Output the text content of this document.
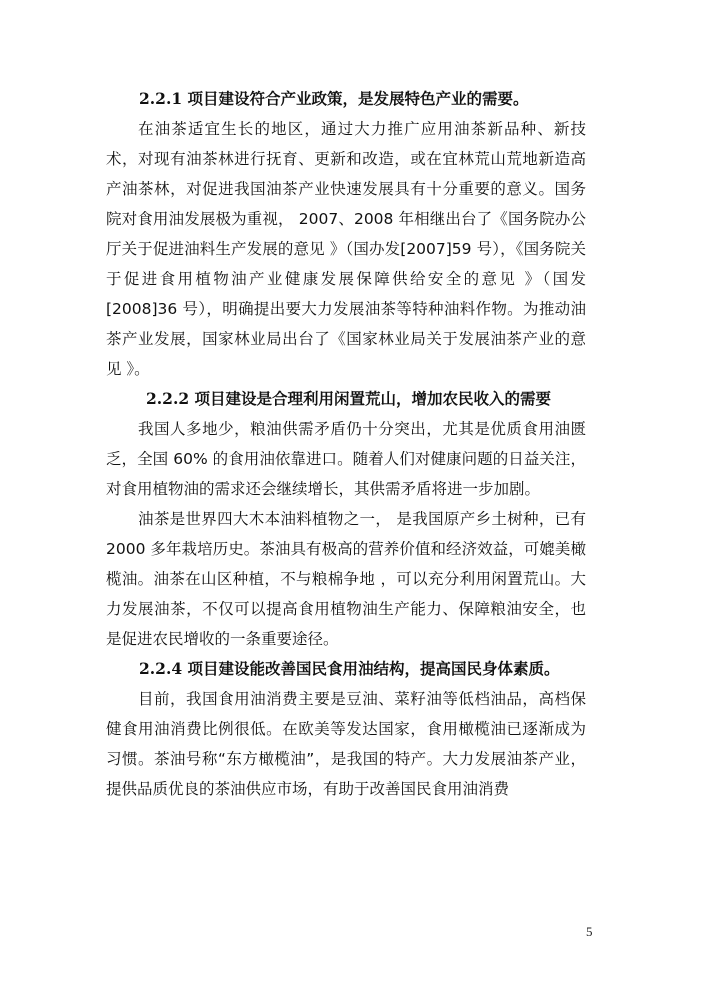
2.2.1 项目建设符合产业政策，是发展特色产业的需要。

在油茶适宜生长的地区，通过大力推广应用油茶新品种、新技术，对现有油茶林进行抚育、更新和改造，或在宜林荒山荒地新造高产油茶林，对促进我国油茶产业快速发展具有十分重要的意义。国务院对食用油发展极为重视， 2007、2008 年相继出台了《国务院办公厅关于促进油料生产发展的意见 》（国办发[2007]59 号），《国务院关于促进食用植物油产业健康发展保障供给安全的意见 》（国发[2008]36 号），明确提出要大力发展油茶等特种油料作物。为推动油茶产业发展，国家林业局出台了《国家林业局关于发展油茶产业的意见 》。

2.2.2 项目建设是合理利用闲置荒山，增加农民收入的需要

我国人多地少，粮油供需矛盾仍十分突出，尤其是优质食用油匮乏，全国 60% 的食用油依靠进口。随着人们对健康问题的日益关注，对食用植物油的需求还会继续增长，其供需矛盾将进一步加剧。

油茶是世界四大木本油料植物之一， 是我国原产乡土树种，已有 2000 多年栽培历史。茶油具有极高的营养价值和经济效益，可媲美橄榄油。油茶在山区种植，不与粮棉争地 ，可以充分利用闲置荒山。大力发展油茶，不仅可以提高食用植物油生产能力、保障粮油安全，也是促进农民增收的一条重要途径。

2.2.4 项目建设能改善国民食用油结构，提高国民身体素质。

目前，我国食用油消费主要是豆油、菜籽油等低档油品，高档保健食用油消费比例很低。在欧美等发达国家，食用橄榄油已逐渐成为习惯。茶油号称“东方橄榄油”，是我国的特产。大力发展油茶产业，提供品质优良的茶油供应市场，有助于改善国民食用油消费

5
